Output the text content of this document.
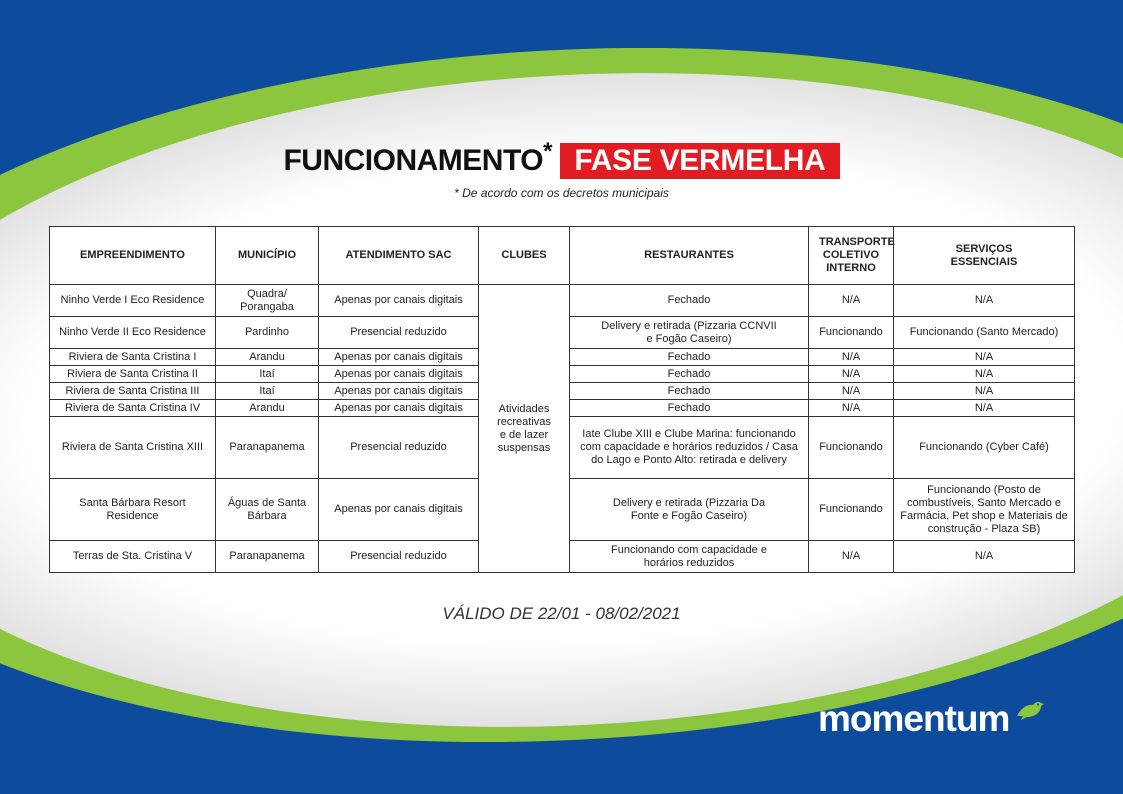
FUNCIONAMENTO* FASE VERMELHA
* De acordo com os decretos municipais
EMPREENDIMENTO	MUNICÍPIO	ATENDIMENTO SAC	CLUBES	RESTAURANTES	TRANSPORTE COLETIVO INTERNO	SERVIÇOS ESSENCIAIS
Ninho Verde I Eco Residence	Quadra/ Porangaba	Apenas por canais digitais	Atividades recreativas e de lazer suspensas	Fechado	N/A	N/A
Ninho Verde II Eco Residence	Pardinho	Presencial reduzido		Delivery e retirada (Pizzaria CCNVII e Fogão Caseiro)	Funcionando	Funcionando (Santo Mercado)
Riviera de Santa Cristina I	Arandu	Apenas por canais digitais		Fechado	N/A	N/A
Riviera de Santa Cristina II	Itaí	Apenas por canais digitais		Fechado	N/A	N/A
Riviera de Santa Cristina III	Itaí	Apenas por canais digitais		Fechado	N/A	N/A
Riviera de Santa Cristina IV	Arandu	Apenas por canais digitais		Fechado	N/A	N/A
Riviera de Santa Cristina XIII	Paranapanema	Presencial reduzido		Iate Clube XIII e Clube Marina: funcionando com capacidade e horários reduzidos / Casa do Lago e Ponto Alto: retirada e delivery	Funcionando	Funcionando (Cyber Café)
Santa Bárbara Resort Residence	Águas de Santa Bárbara	Apenas por canais digitais		Delivery e retirada (Pizzaria Da Fonte e Fogão Caseiro)	Funcionando	Funcionando (Posto de combustíveis, Santo Mercado e Farmácia, Pet shop e Materiais de construção - Plaza SB)
Terras de Sta. Cristina V	Paranapanema	Presencial reduzido		Funcionando com capacidade e horários reduzidos	N/A	N/A
VÁLIDO DE 22/01 - 08/02/2021
momentum
